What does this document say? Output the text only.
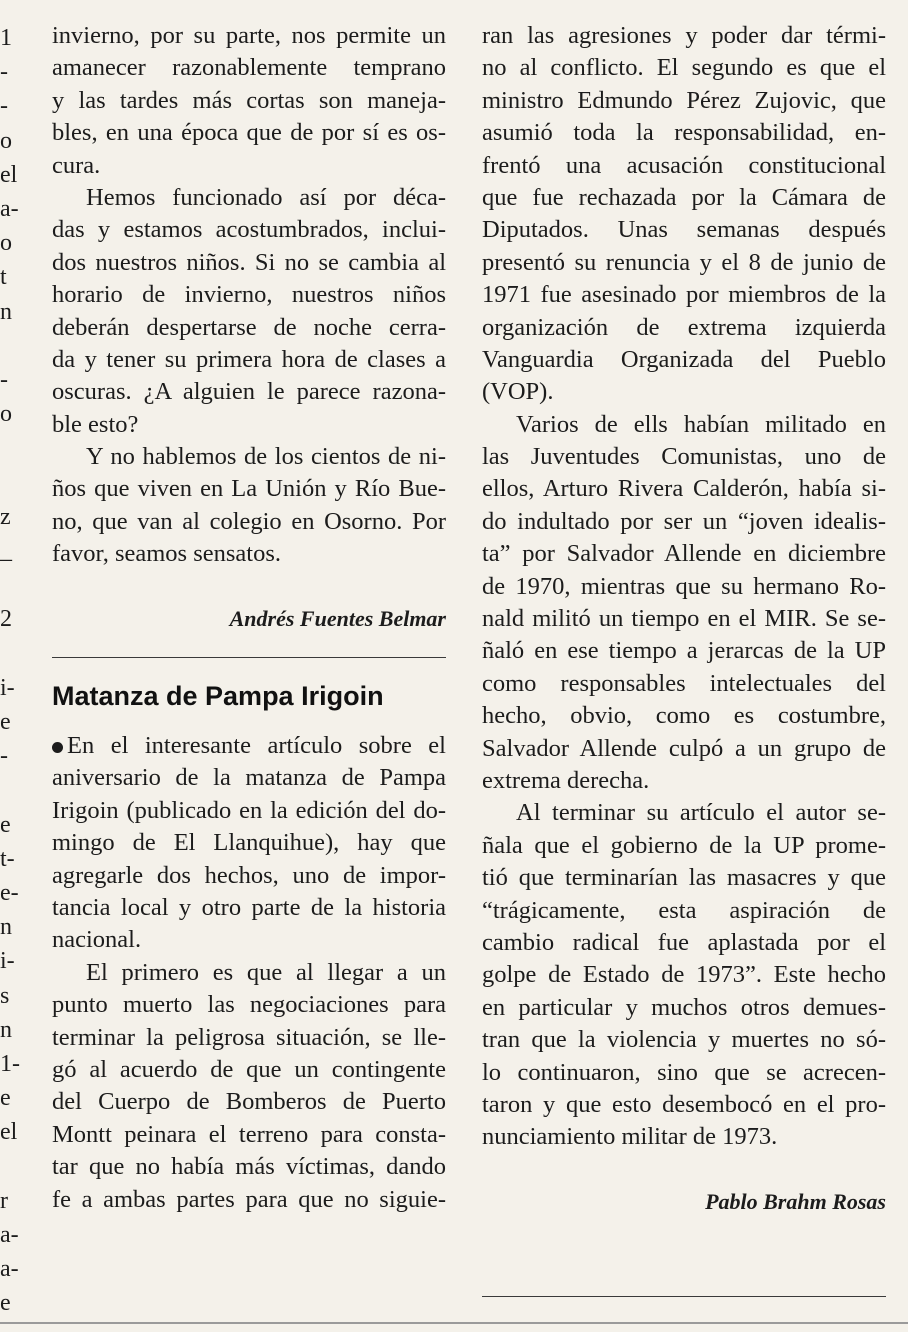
1
-
-
o
el
a-
o
t
n
-
o
z
_
2
i-
e
-
e
t-
e-
n
i-
s
n
1-
e
el
r
a-
a-
e
invierno, por su parte, nos permite un
amanecer razonablemente temprano
y las tardes más cortas son maneja-
bles, en una época que de por sí es os-
cura.
Hemos funcionado así por déca-
das y estamos acostumbrados, inclui-
dos nuestros niños. Si no se cambia al
horario de invierno, nuestros niños
deberán despertarse de noche cerra-
da y tener su primera hora de clases a
oscuras. ¿A alguien le parece razona-
ble esto?
Y no hablemos de los cientos de ni-
ños que viven en La Unión y Río Bue-
no, que van al colegio en Osorno. Por
favor, seamos sensatos.
Andrés Fuentes Belmar
Matanza de Pampa Irigoin
En el interesante artículo sobre el
aniversario de la matanza de Pampa
Irigoin (publicado en la edición del do-
mingo de El Llanquihue), hay que
agregarle dos hechos, uno de impor-
tancia local y otro parte de la historia
nacional.
El primero es que al llegar a un
punto muerto las negociaciones para
terminar la peligrosa situación, se lle-
gó al acuerdo de que un contingente
del Cuerpo de Bomberos de Puerto
Montt peinara el terreno para consta-
tar que no había más víctimas, dando
fe a ambas partes para que no siguie-
ran las agresiones y poder dar térmi-
no al conflicto. El segundo es que el
ministro Edmundo Pérez Zujovic, que
asumió toda la responsabilidad, en-
frentó una acusación constitucional
que fue rechazada por la Cámara de
Diputados. Unas semanas después
presentó su renuncia y el 8 de junio de
1971 fue asesinado por miembros de la
organización de extrema izquierda
Vanguardia Organizada del Pueblo
(VOP).
Varios de ells habían militado en
las Juventudes Comunistas, uno de
ellos, Arturo Rivera Calderón, había si-
do indultado por ser un “joven idealis-
ta” por Salvador Allende en diciembre
de 1970, mientras que su hermano Ro-
nald militó un tiempo en el MIR. Se se-
ñaló en ese tiempo a jerarcas de la UP
como responsables intelectuales del
hecho, obvio, como es costumbre,
Salvador Allende culpó a un grupo de
extrema derecha.
Al terminar su artículo el autor se-
ñala que el gobierno de la UP prome-
tió que terminarían las masacres y que
“trágicamente, esta aspiración de
cambio radical fue aplastada por el
golpe de Estado de 1973”. Este hecho
en particular y muchos otros demues-
tran que la violencia y muertes no só-
lo continuaron, sino que se acrecen-
taron y que esto desembocó en el pro-
nunciamiento militar de 1973.
Pablo Brahm Rosas
